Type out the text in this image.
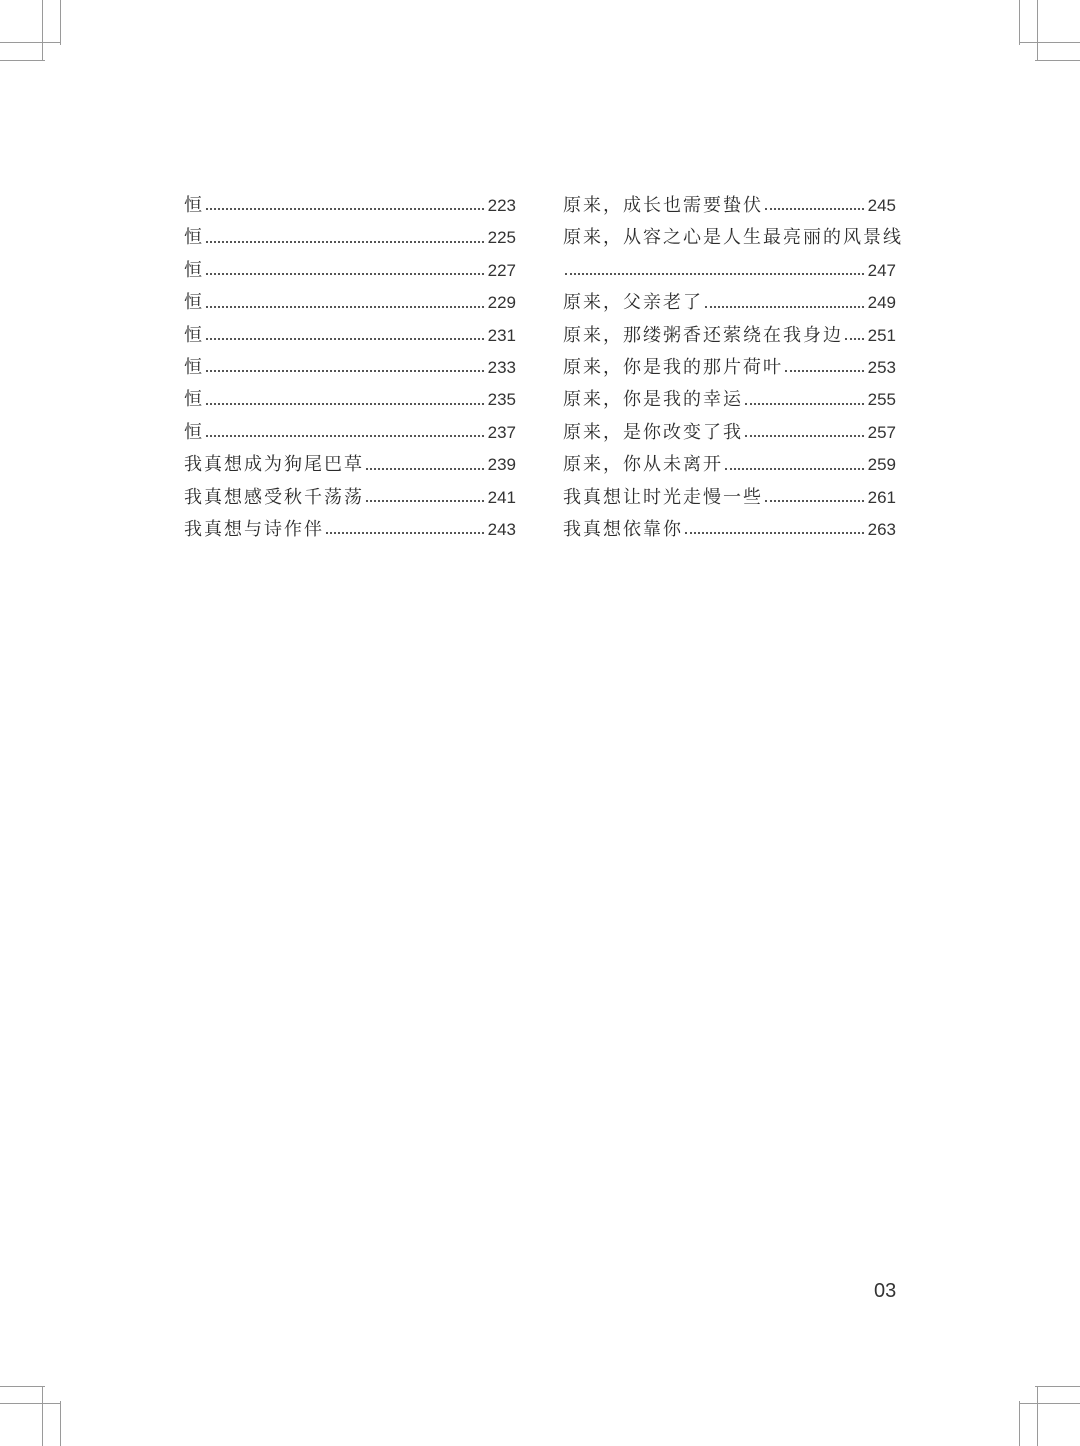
恒	223
恒	225
恒	227
恒	229
恒	231
恒	233
恒	235
恒	237
我真想成为狗尾巴草	239
我真想感受秋千荡荡	241
我真想与诗作伴	243
原来，成长也需要蛰伏	245
原来，从容之心是人生最亮丽的风景线
247
原来，父亲老了	249
原来，那缕粥香还萦绕在我身边 251
原来，你是我的那片荷叶	253
原来，你是我的幸运	255
原来，是你改变了我	257
原来，你从未离开	259
我真想让时光走慢一些	261
我真想依靠你	263
03
